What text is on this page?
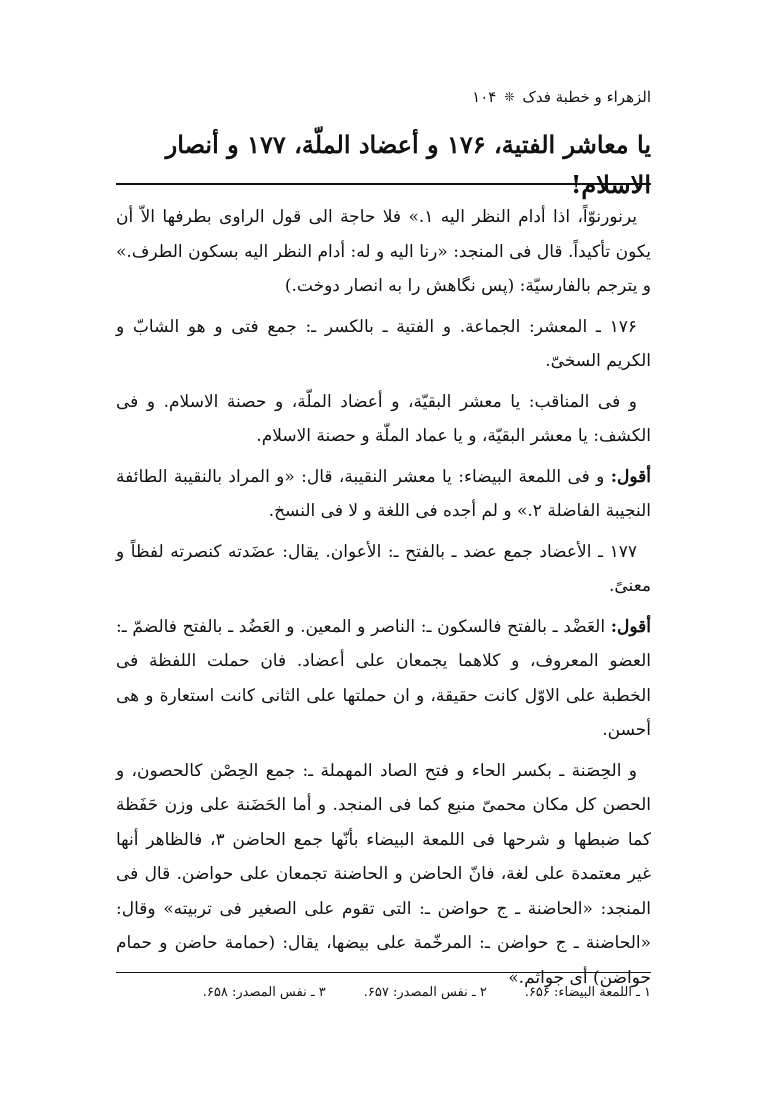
الزهراء و خطبة فدک
❊
۱۰۴
یا معاشر الفتیة، ۱۷۶ و أعضاد الملّة، ۱۷۷ و أنصار الاسلام!

یرنورنوّاً، اذا أدام النظر الیه ۱.» فلا حاجة الی قول الراوی بطرفها الاّ أن یکون تأکیداً. قال فی المنجد: «رنا الیه و له: أدام النظر الیه بسکون الطرف.» و یترجم بالفارسیّة: (پس نگاهش را به انصار دوخت.)

۱۷۶ ـ المعشر: الجماعة. و الفتیة ـ بالکسر ـ: جمع فتی و هو الشابّ و الکریم السخیّ.

و فی المناقب: یا معشر البقیّة، و أعضاد الملّة، و حصنة الاسلام. و فی الکشف: یا معشر البقیّة، و یا عماد الملّة و حصنة الاسلام.

أقول: و فی اللمعة البیضاء: یا معشر النقیبة، قال: «و المراد بالنقیبة الطائفة النجیبة الفاضلة ۲.» و لم أجده فی اللغة و لا فی النسخ.

۱۷۷ ـ الأعضاد جمع عضد ـ بالفتح ـ: الأعوان. یقال: عضَدته کنصرته لفظاً و معنیً.

أقول: العَضْد ـ بالفتح فالسکون ـ: الناصر و المعین. و العَضُد ـ بالفتح فالضمّ ـ: العضو المعروف، و کلاهما یجمعان علی أعضاد. فان حملت اللفظة فی الخطبة علی الاوّل کانت حقیقة، و ان حملتها علی الثانی کانت استعارة و هی أحسن.

و الحِصَنة ـ بکسر الحاء و فتح الصاد المهملة ـ: جمع الحِصْن کالحصون، و الحصن کل مکان محمیّ منیع کما فی المنجد. و أما الحَضَنة علی وزن حَفَظة کما ضبطها و شرحها فی اللمعة البیضاء بأنّها جمع الحاضن ۳، فالظاهر أنها غیر معتمدة علی لغة، فانّ الحاضن و الحاضنة تجمعان علی حواضن. قال فی المنجد: «الحاضنة ـ ج حواضن ـ: التی تقوم علی الصغیر فی تربیته» وقال: «الحاضنة ـ ج حواضن ـ: المرخّمة علی بیضها، یقال: (حمامة حاضن و حمام حواضن) أی جواثم.»

۱ ـ اللمعة البیضاء: ۶۵۶.
۲ ـ نفس المصدر: ۶۵۷.
۳ ـ نفس المصدر: ۶۵۸.
